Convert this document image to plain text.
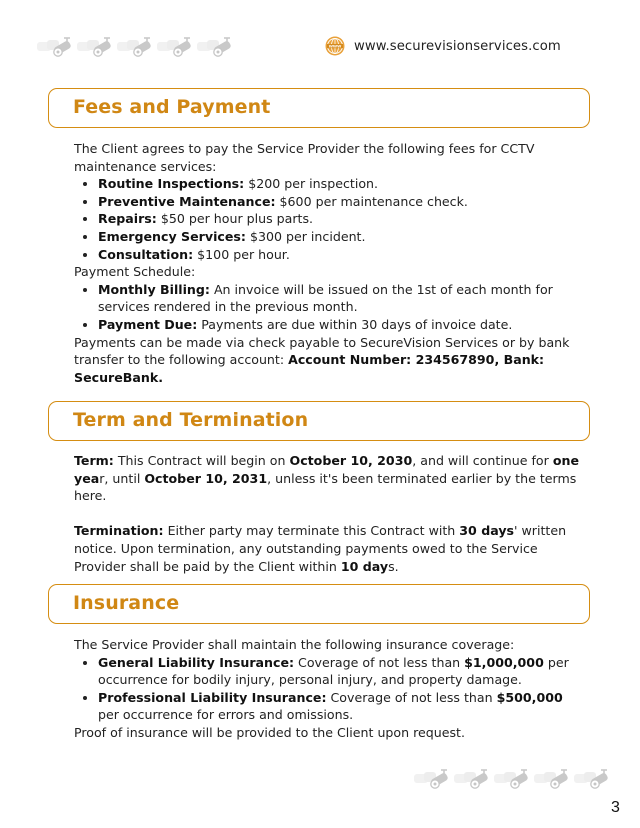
WWW www.securevisionservices.com
Fees and Payment

The Client agrees to pay the Service Provider the following fees for CCTV maintenance services:

• Routine Inspections: $200 per inspection.
• Preventive Maintenance: $600 per maintenance check.
• Repairs: $50 per hour plus parts.
• Emergency Services: $300 per incident.
• Consultation: $100 per hour.

Payment Schedule:

• Monthly Billing: An invoice will be issued on the 1st of each month for services rendered in the previous month.
• Payment Due: Payments are due within 30 days of invoice date.

Payments can be made via check payable to SecureVision Services or by bank transfer to the following account: Account Number: 234567890, Bank: SecureBank.

Term and Termination

Term: This Contract will begin on October 10, 2030, and will continue for one year, until October 10, 2031, unless it's been terminated earlier by the terms here.

Termination: Either party may terminate this Contract with 30 days' written notice. Upon termination, any outstanding payments owed to the Service Provider shall be paid by the Client within 10 days.

Insurance

The Service Provider shall maintain the following insurance coverage:

• General Liability Insurance: Coverage of not less than $1,000,000 per occurrence for bodily injury, personal injury, and property damage.
• Professional Liability Insurance: Coverage of not less than $500,000 per occurrence for errors and omissions.

Proof of insurance will be provided to the Client upon request.

3
